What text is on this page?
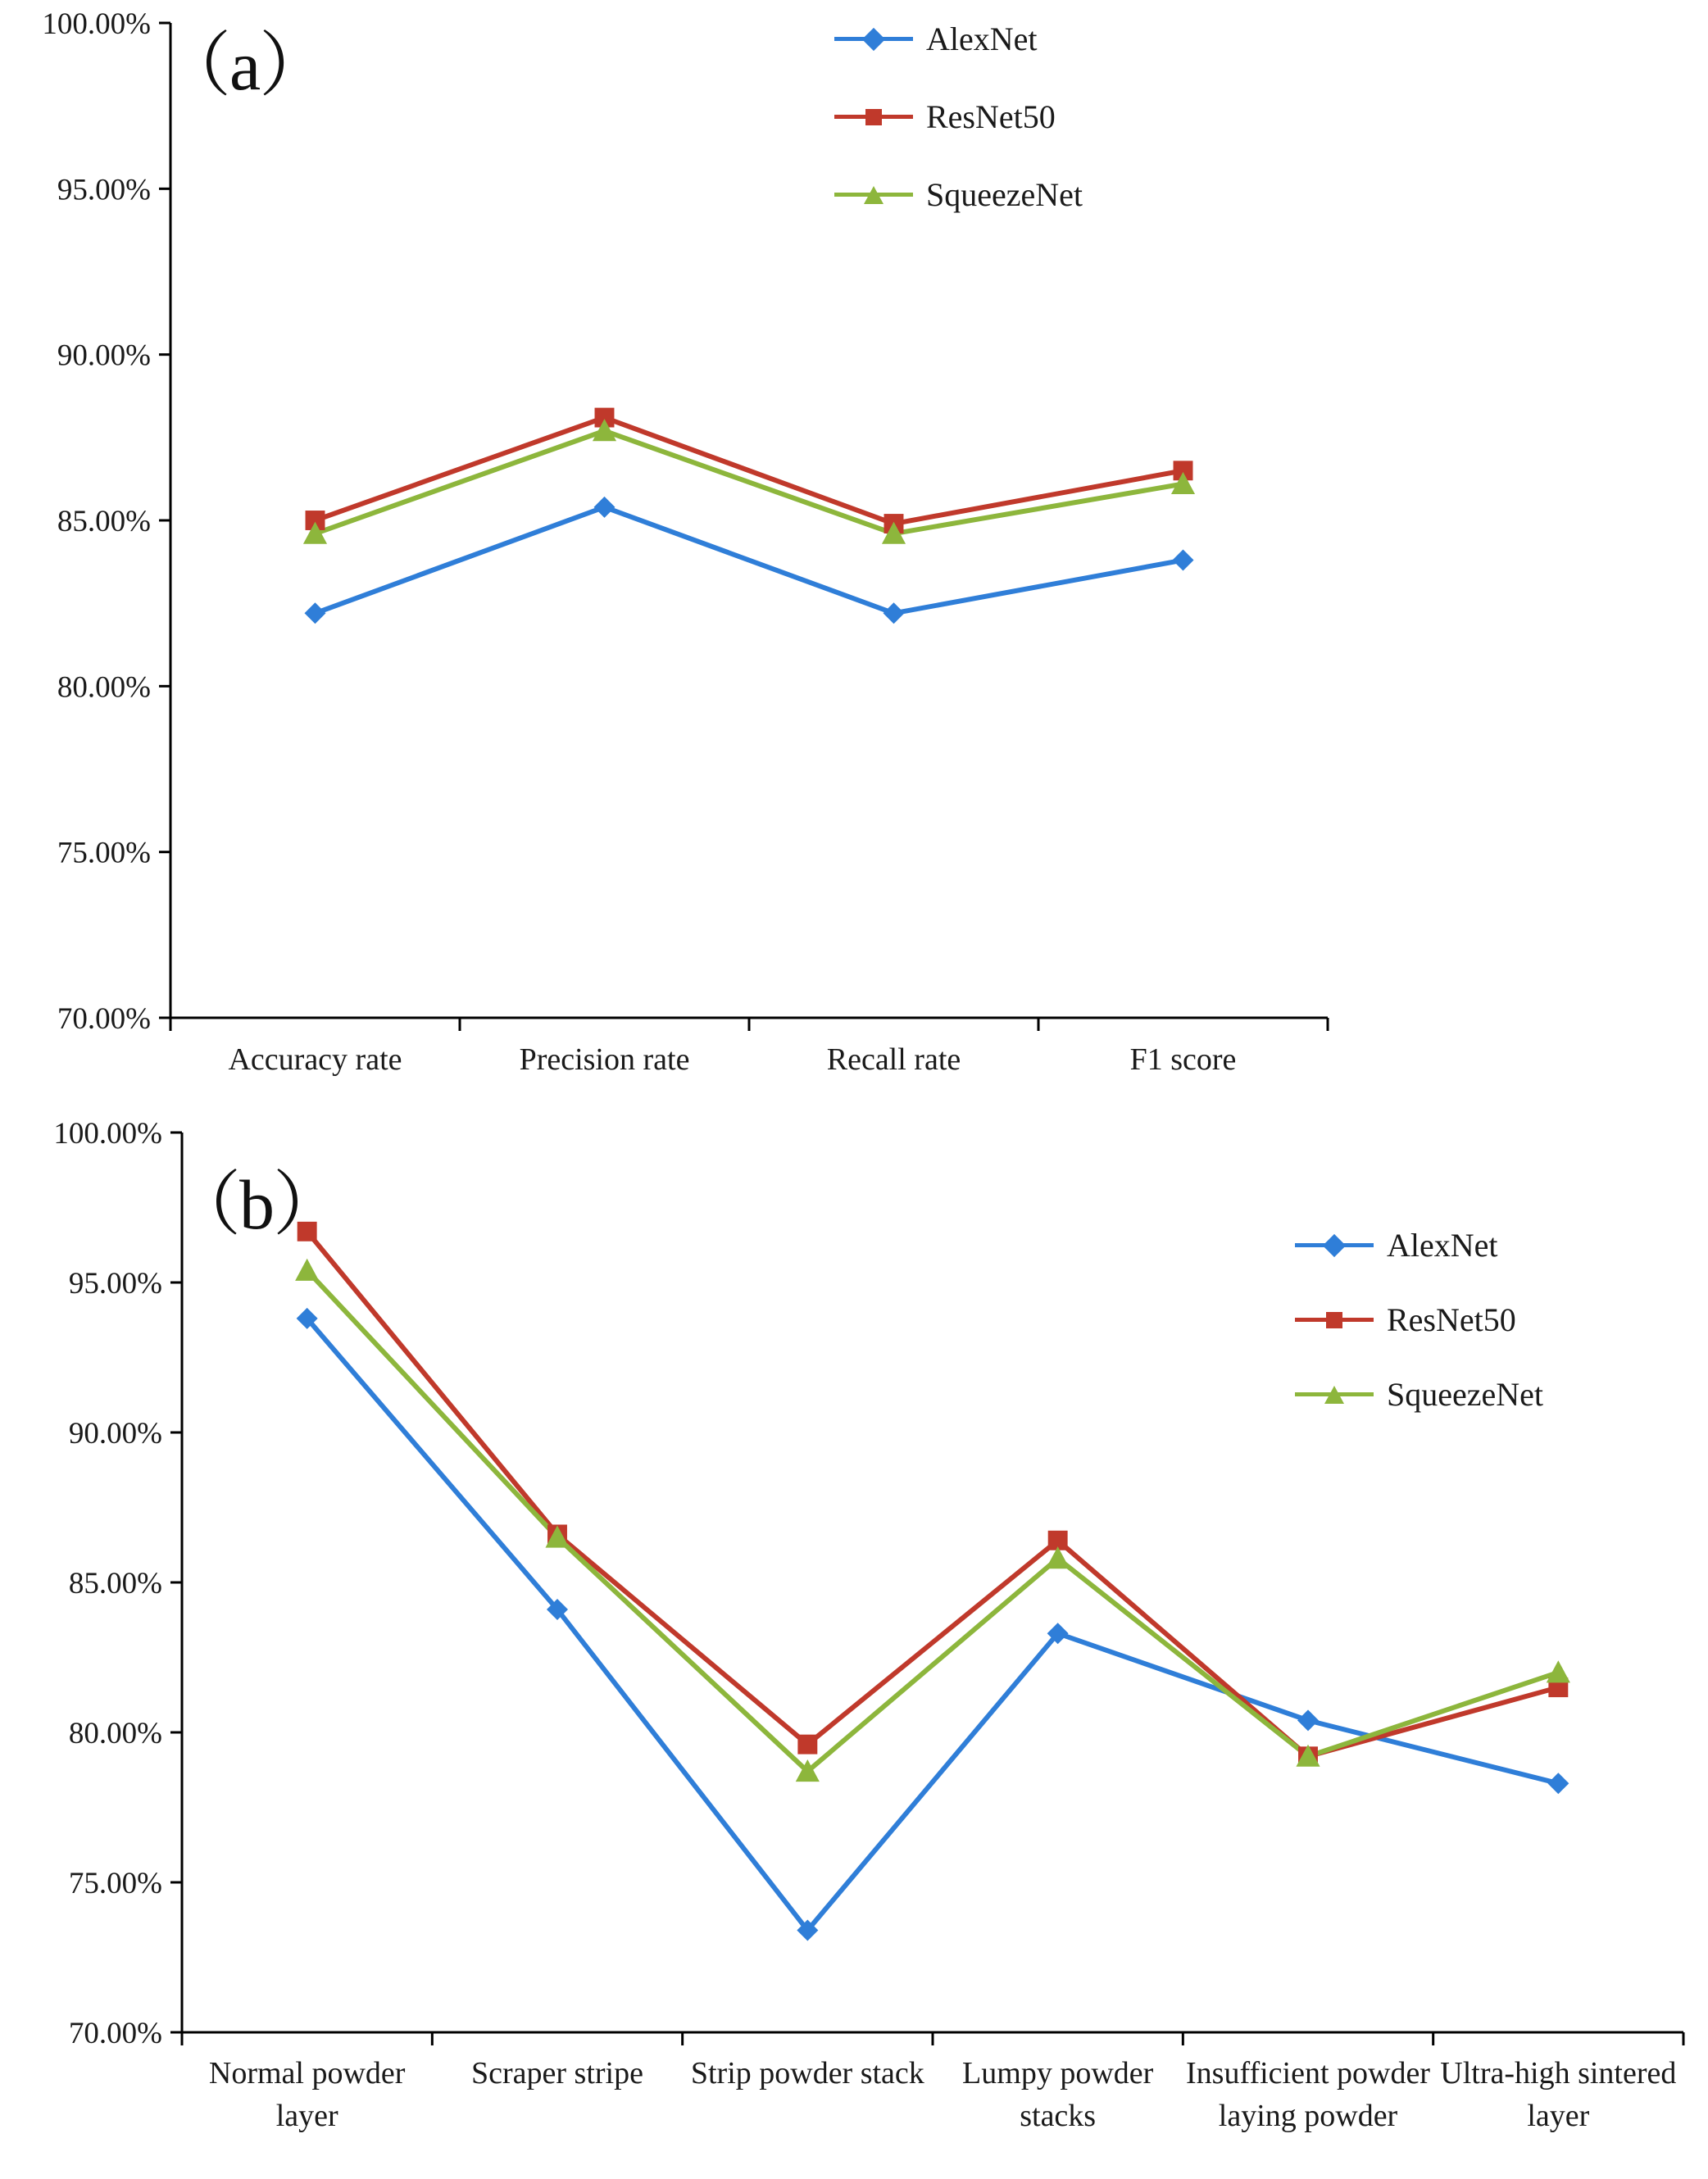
70.00%
75.00%
80.00%
85.00%
90.00%
95.00%
100.00%
Accuracy rate	Precision rate	Recall rate	F1 score
（a）	AlexNet
ResNet50
SqueezeNet
70.00%
75.00%
80.00%
85.00%
90.00%
95.00%
100.00%
Normal powder
layer
Scraper stripe Strip powder stack Lumpy powder
stacks
Insufficient powder
laying powder
Ultra-high sintered
layer
（b）
AlexNet
ResNet50
SqueezeNet
